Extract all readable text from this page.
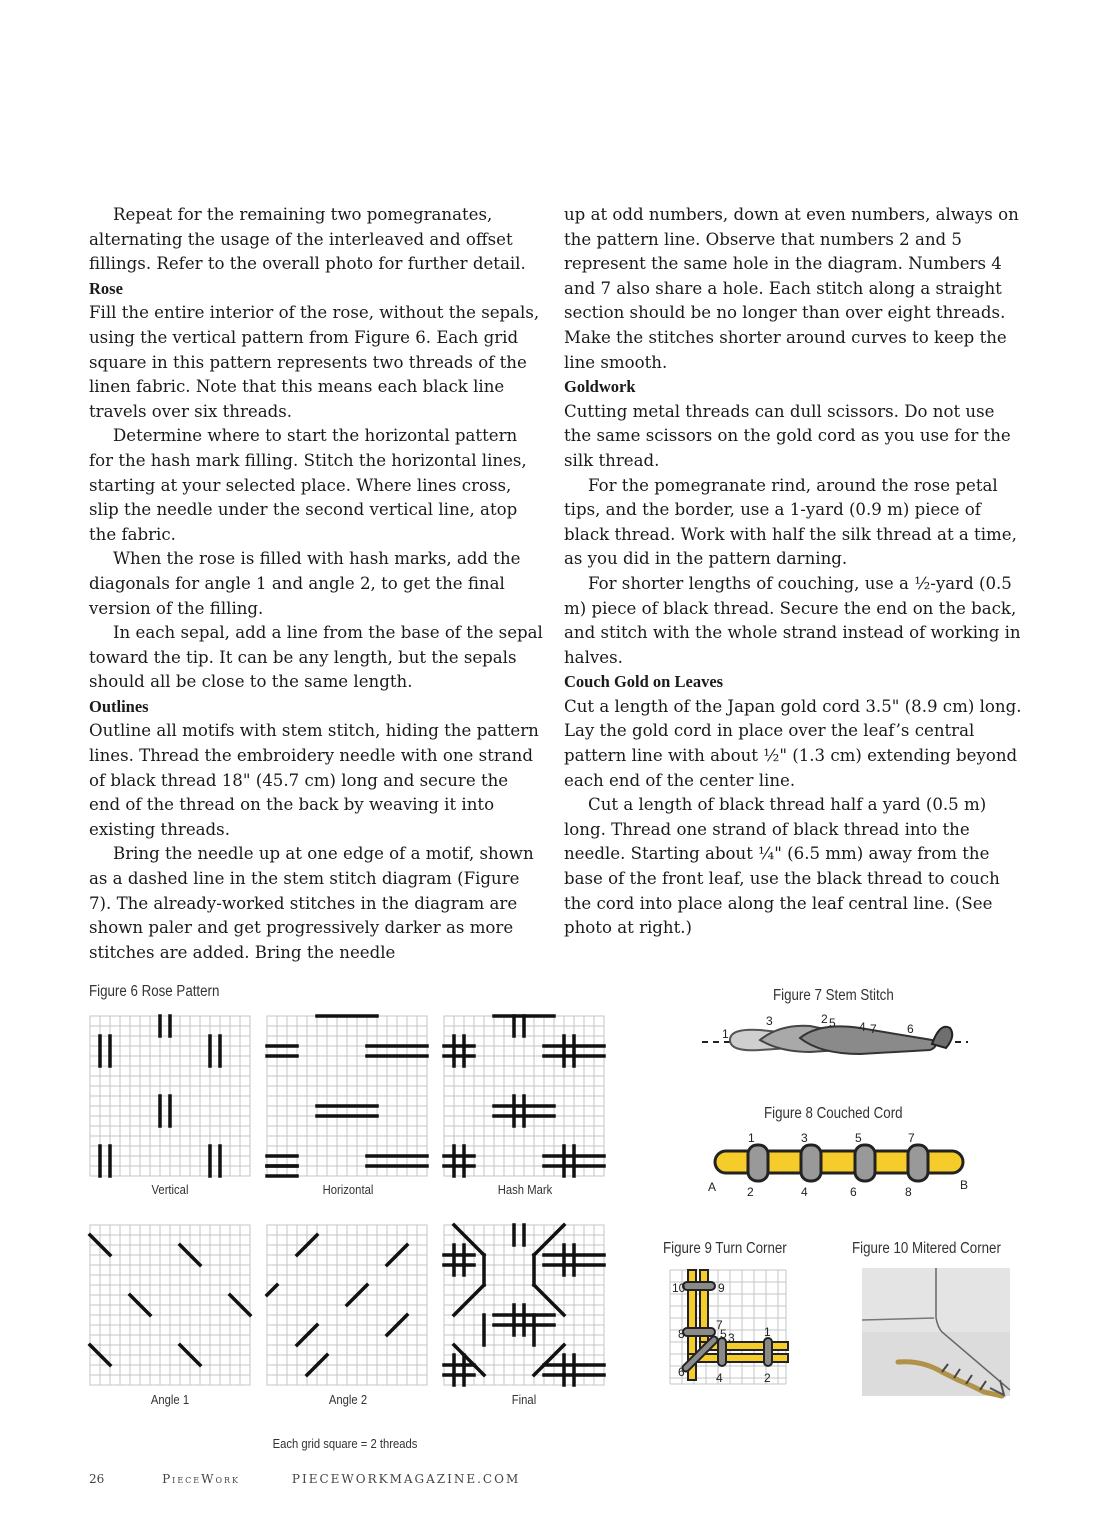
Repeat for the remaining two pomegranates, alternating the usage of the interleaved and offset fillings. Refer to the overall photo for further detail.

Rose

Fill the entire interior of the rose, without the sepals, using the vertical pattern from Figure 6. Each grid square in this pattern represents two threads of the linen fabric. Note that this means each black line travels over six threads.

Determine where to start the horizontal pattern for the hash mark filling. Stitch the horizontal lines, starting at your selected place. Where lines cross, slip the needle under the second vertical line, atop the fabric.

When the rose is filled with hash marks, add the diagonals for angle 1 and angle 2, to get the final version of the filling.

In each sepal, add a line from the base of the sepal toward the tip. It can be any length, but the sepals should all be close to the same length.

Outlines

Outline all motifs with stem stitch, hiding the pattern lines. Thread the embroidery needle with one strand of black thread 18" (45.7 cm) long and secure the end of the thread on the back by weaving it into existing threads.

Bring the needle up at one edge of a motif, shown as a dashed line in the stem stitch diagram (Figure 7). The already-worked stitches in the diagram are shown paler and get progressively darker as more stitches are added. Bring the needle

up at odd numbers, down at even numbers, always on the pattern line. Observe that numbers 2 and 5 represent the same hole in the diagram. Numbers 4 and 7 also share a hole. Each stitch along a straight section should be no longer than over eight threads. Make the stitches shorter around curves to keep the line smooth.

Goldwork

Cutting metal threads can dull scissors. Do not use the same scissors on the gold cord as you use for the silk thread.

For the pomegranate rind, around the rose petal tips, and the border, use a 1-yard (0.9 m) piece of black thread. Work with half the silk thread at a time, as you did in the pattern darning.

For shorter lengths of couching, use a ½-yard (0.5 m) piece of black thread. Secure the end on the back, and stitch with the whole strand instead of working in halves.

Couch Gold on Leaves

Cut a length of the Japan gold cord 3.5" (8.9 cm) long. Lay the gold cord in place over the leaf’s central pattern line with about ½" (1.3 cm) extending beyond each end of the center line.

Cut a length of black thread half a yard (0.5 m) long. Thread one strand of black thread into the needle. Starting about ¼" (6.5 mm) away from the base of the front leaf, use the black thread to couch the cord into place along the leaf central line. (See photo at right.)

Figure 6 Rose Pattern
Vertical	Horizontal	Hash Mark
Angle 1	Angle 2	Final
Each grid square = 2 threads
Figure 7 Stem Stitch
1
3	2 5 4 7	6
Figure 8 Couched Cord
1	3	5	7
2	4	6	8
A	B
Figure 9 Turn Corner
10	9
7
8	5 3 1
6	4	2
Figure 10 Mitered Corner
26	PieceWork	PIECEWORKMAGAZINE.COM
